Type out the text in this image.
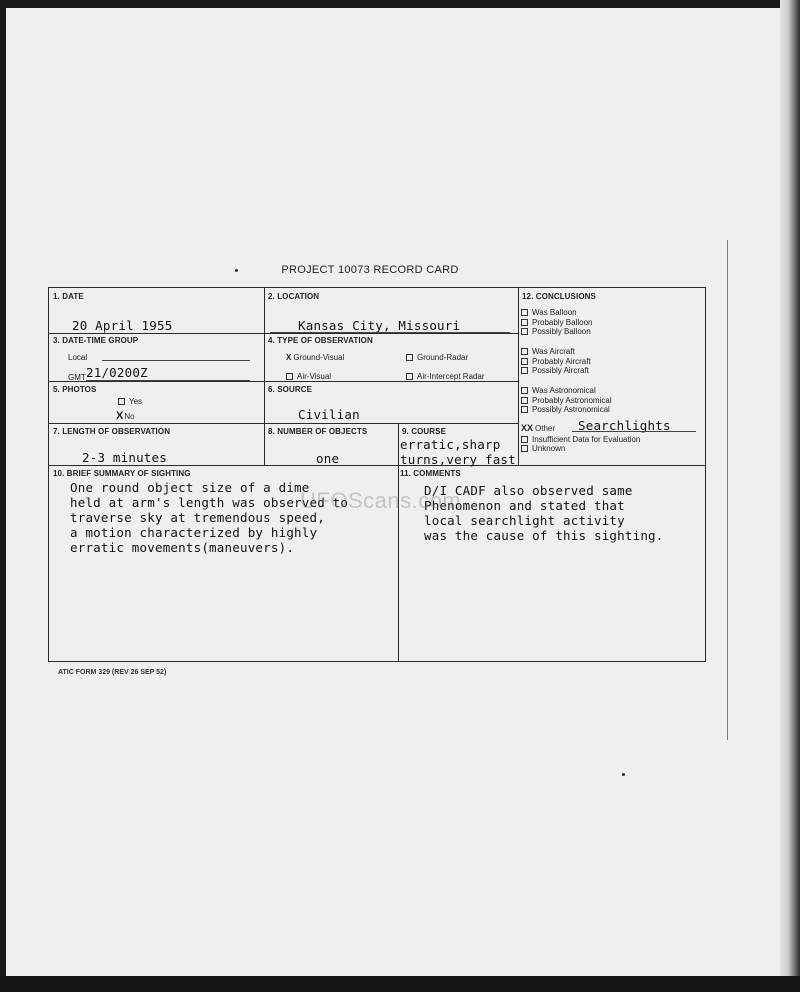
PROJECT 10073 RECORD CARD
1. DATE
20 April 1955
2. LOCATION
Kansas City, Missouri
3. DATE-TIME GROUP
Local
GMT 21/0200Z
4. TYPE OF OBSERVATION
X Ground-Visual	Ground-Radar
Air-Visual	Air-Intercept Radar
5. PHOTOS
Yes
XNo
6. SOURCE
Civilian
7. LENGTH OF OBSERVATION
2-3 minutes
8. NUMBER OF OBJECTS
one
9. COURSE
erratic,sharp
turns,very fast
12. CONCLUSIONS
Was Balloon
Probably Balloon
Possibly Balloon
Was Aircraft
Probably Aircraft
Possibly Aircraft
Was Astronomical
Probably Astronomical
Possibly Astronomical
XX Other Searchlights
Insufficient Data for Evaluation
Unknown
10. BRIEF SUMMARY OF SIGHTING
One round object size of a dime
held at arm's length was observed to
traverse sky at tremendous speed,
a motion characterized by highly
erratic movements(maneuvers).
11. COMMENTS
D/I CADF also observed same
Phenomenon and stated that
local searchlight activity
was the cause of this sighting.
UFOScans.com
ATIC FORM 329 (REV 26 SEP 52)
